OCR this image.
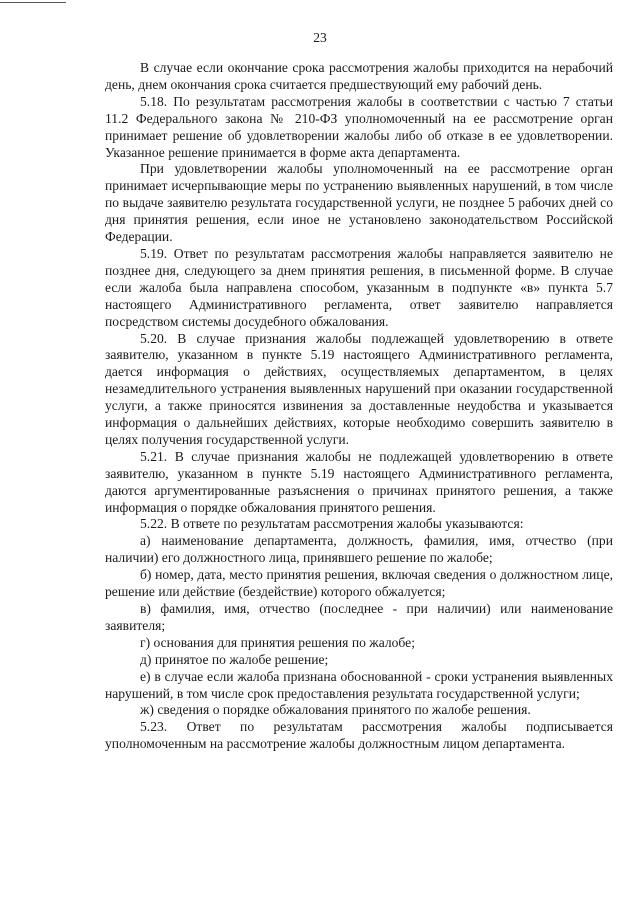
23

В случае если окончание срока рассмотрения жалобы приходится на нерабочий день, днем окончания срока считается предшествующий ему рабочий день.

5.18. По результатам рассмотрения жалобы в соответствии с частью 7 статьи 11.2 Федерального закона № 210-ФЗ уполномоченный на ее рассмотрение орган принимает решение об удовлетворении жалобы либо об отказе в ее удовлетворении. Указанное решение принимается в форме акта департамента.

При удовлетворении жалобы уполномоченный на ее рассмотрение орган принимает исчерпывающие меры по устранению выявленных нарушений, в том числе по выдаче заявителю результата государственной услуги, не позднее 5 рабочих дней со дня принятия решения, если иное не установлено законодательством Российской Федерации.

5.19. Ответ по результатам рассмотрения жалобы направляется заявителю не позднее дня, следующего за днем принятия решения, в письменной форме. В случае если жалоба была направлена способом, указанным в подпункте «в» пункта 5.7 настоящего Административного регламента, ответ заявителю направляется посредством системы досудебного обжалования.

5.20. В случае признания жалобы подлежащей удовлетворению в ответе заявителю, указанном в пункте 5.19 настоящего Административного регламента, дается информация о действиях, осуществляемых департаментом, в целях незамедлительного устранения выявленных нарушений при оказании государственной услуги, а также приносятся извинения за доставленные неудобства и указывается информация о дальнейших действиях, которые необходимо совершить заявителю в целях получения государственной услуги.

5.21. В случае признания жалобы не подлежащей удовлетворению в ответе заявителю, указанном в пункте 5.19 настоящего Административного регламента, даются аргументированные разъяснения о причинах принятого решения, а также информация о порядке обжалования принятого решения.

5.22. В ответе по результатам рассмотрения жалобы указываются:

а) наименование департамента, должность, фамилия, имя, отчество (при наличии) его должностного лица, принявшего решение по жалобе;

б) номер, дата, место принятия решения, включая сведения о должностном лице, решение или действие (бездействие) которого обжалуется;

в) фамилия, имя, отчество (последнее - при наличии) или наименование заявителя;

г) основания для принятия решения по жалобе;

д) принятое по жалобе решение;

е) в случае если жалоба признана обоснованной - сроки устранения выявленных нарушений, в том числе срок предоставления результата государственной услуги;

ж) сведения о порядке обжалования принятого по жалобе решения.

5.23. Ответ по результатам рассмотрения жалобы подписывается уполномоченным на рассмотрение жалобы должностным лицом департамента.
